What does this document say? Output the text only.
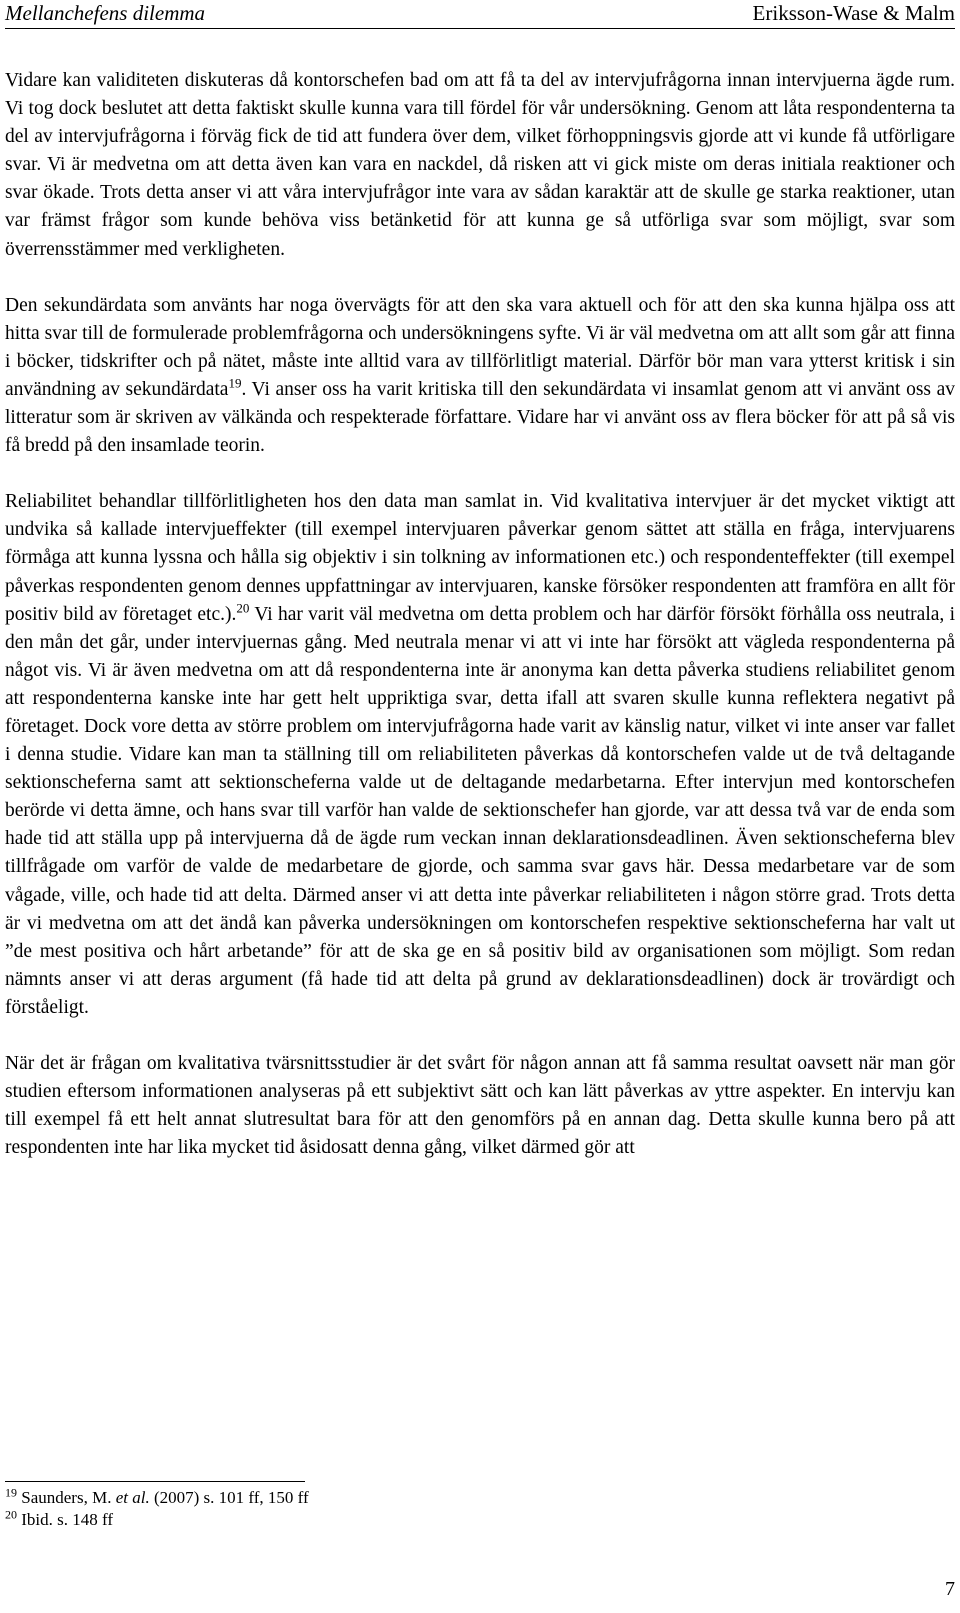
Mellanchefens dilemma	Eriksson-Wase & Malm

Vidare kan validiteten diskuteras då kontorschefen bad om att få ta del av intervjufrågorna innan intervjuerna ägde rum. Vi tog dock beslutet att detta faktiskt skulle kunna vara till fördel för vår undersökning. Genom att låta respondenterna ta del av intervjufrågorna i förväg fick de tid att fundera över dem, vilket förhoppningsvis gjorde att vi kunde få utförligare svar. Vi är medvetna om att detta även kan vara en nackdel, då risken att vi gick miste om deras initiala reaktioner och svar ökade. Trots detta anser vi att våra intervjufrågor inte vara av sådan karaktär att de skulle ge starka reaktioner, utan var främst frågor som kunde behöva viss betänketid för att kunna ge så utförliga svar som möjligt, svar som överrensstämmer med verkligheten.

Den sekundärdata som använts har noga övervägts för att den ska vara aktuell och för att den ska kunna hjälpa oss att hitta svar till de formulerade problemfrågorna och undersökningens syfte. Vi är väl medvetna om att allt som går att finna i böcker, tidskrifter och på nätet, måste inte alltid vara av tillförlitligt material. Därför bör man vara ytterst kritisk i sin användning av sekundärdata$^{19}$. Vi anser oss ha varit kritiska till den sekundärdata vi insamlat genom att vi använt oss av litteratur som är skriven av välkända och respekterade författare. Vidare har vi använt oss av flera böcker för att på så vis få bredd på den insamlade teorin.

Reliabilitet behandlar tillförlitligheten hos den data man samlat in. Vid kvalitativa intervjuer är det mycket viktigt att undvika så kallade intervjueffekter (till exempel intervjuaren påverkar genom sättet att ställa en fråga, intervjuarens förmåga att kunna lyssna och hålla sig objektiv i sin tolkning av informationen etc.) och respondenteffekter (till exempel påverkas respondenten genom dennes uppfattningar av intervjuaren, kanske försöker respondenten att framföra en allt för positiv bild av företaget etc.).$^{20}$ Vi har varit väl medvetna om detta problem och har därför försökt förhålla oss neutrala, i den mån det går, under intervjuernas gång. Med neutrala menar vi att vi inte har försökt att vägleda respondenterna på något vis. Vi är även medvetna om att då respondenterna inte är anonyma kan detta påverka studiens reliabilitet genom att respondenterna kanske inte har gett helt uppriktiga svar, detta ifall att svaren skulle kunna reflektera negativt på företaget. Dock vore detta av större problem om intervjufrågorna hade varit av känslig natur, vilket vi inte anser var fallet i denna studie. Vidare kan man ta ställning till om reliabiliteten påverkas då kontorschefen valde ut de två deltagande sektionscheferna samt att sektionscheferna valde ut de deltagande medarbetarna. Efter intervjun med kontorschefen berörde vi detta ämne, och hans svar till varför han valde de sektionschefer han gjorde, var att dessa två var de enda som hade tid att ställa upp på intervjuerna då de ägde rum veckan innan deklarationsdeadlinen. Även sektionscheferna blev tillfrågade om varför de valde de medarbetare de gjorde, och samma svar gavs här. Dessa medarbetare var de som vågade, ville, och hade tid att delta. Därmed anser vi att detta inte påverkar reliabiliteten i någon större grad. Trots detta är vi medvetna om att det ändå kan påverka undersökningen om kontorschefen respektive sektionscheferna har valt ut ”de mest positiva och hårt arbetande” för att de ska ge en så positiv bild av organisationen som möjligt. Som redan nämnts anser vi att deras argument (få hade tid att delta på grund av deklarationsdeadlinen) dock är trovärdigt och förståeligt.

När det är frågan om kvalitativa tvärsnittsstudier är det svårt för någon annan att få samma resultat oavsett när man gör studien eftersom informationen analyseras på ett subjektivt sätt och kan lätt påverkas av yttre aspekter. En intervju kan till exempel få ett helt annat slutresultat bara för att den genomförs på en annan dag. Detta skulle kunna bero på att respondenten inte har lika mycket tid åsidosatt denna gång, vilket därmed gör att

$^{19}$ Saunders, M. et al. (2007) s. 101 ff, 150 ff
$^{20}$ Ibid. s. 148 ff
7
